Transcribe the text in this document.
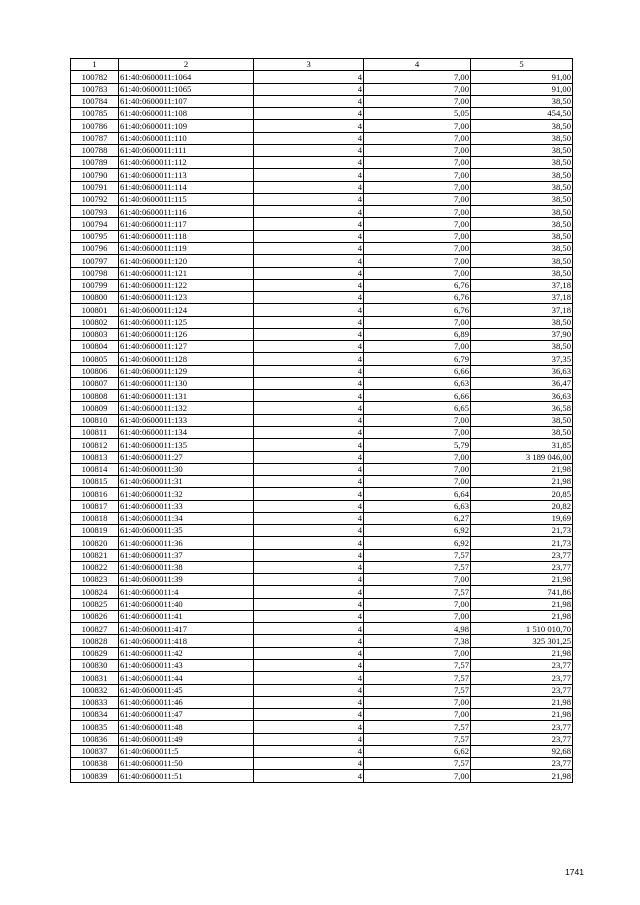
1	2	3	4	5
100782	61:40:0600011:1064	4	7,00	91,00
100783	61:40:0600011:1065	4	7,00	91,00
100784	61:40:0600011:107	4	7,00	38,50
100785	61:40:0600011:108	4	5,05	454,50
100786	61:40:0600011:109	4	7,00	38,50
100787	61:40:0600011:110	4	7,00	38,50
100788	61:40:0600011:111	4	7,00	38,50
100789	61:40:0600011:112	4	7,00	38,50
100790	61:40:0600011:113	4	7,00	38,50
100791	61:40:0600011:114	4	7,00	38,50
100792	61:40:0600011:115	4	7,00	38,50
100793	61:40:0600011:116	4	7,00	38,50
100794	61:40:0600011:117	4	7,00	38,50
100795	61:40:0600011:118	4	7,00	38,50
100796	61:40:0600011:119	4	7,00	38,50
100797	61:40:0600011:120	4	7,00	38,50
100798	61:40:0600011:121	4	7,00	38,50
100799	61:40:0600011:122	4	6,76	37,18
100800	61:40:0600011:123	4	6,76	37,18
100801	61:40:0600011:124	4	6,76	37,18
100802	61:40:0600011:125	4	7,00	38,50
100803	61:40:0600011:126	4	6,89	37,90
100804	61:40:0600011:127	4	7,00	38,50
100805	61:40:0600011:128	4	6,79	37,35
100806	61:40:0600011:129	4	6,66	36,63
100807	61:40:0600011:130	4	6,63	36,47
100808	61:40:0600011:131	4	6,66	36,63
100809	61:40:0600011:132	4	6,65	36,58
100810	61:40:0600011:133	4	7,00	38,50
100811	61:40:0600011:134	4	7,00	38,50
100812	61:40:0600011:135	4	5,79	31,85
100813	61:40:0600011:27	4	7,00	3 189 046,00
100814	61:40:0600011:30	4	7,00	21,98
100815	61:40:0600011:31	4	7,00	21,98
100816	61:40:0600011:32	4	6,64	20,85
100817	61:40:0600011:33	4	6,63	20,82
100818	61:40:0600011:34	4	6,27	19,69
100819	61:40:0600011:35	4	6,92	21,73
100820	61:40:0600011:36	4	6,92	21,73
100821	61:40:0600011:37	4	7,57	23,77
100822	61:40:0600011:38	4	7,57	23,77
100823	61:40:0600011:39	4	7,00	21,98
100824	61:40:0600011:4	4	7,57	741,86
100825	61:40:0600011:40	4	7,00	21,98
100826	61:40:0600011:41	4	7,00	21,98
100827	61:40:0600011:417	4	4,98	1 510 010,70
100828	61:40:0600011:418	4	7,38	325 301,25
100829	61:40:0600011:42	4	7,00	21,98
100830	61:40:0600011:43	4	7,57	23,77
100831	61:40:0600011:44	4	7,57	23,77
100832	61:40:0600011:45	4	7,57	23,77
100833	61:40:0600011:46	4	7,00	21,98
100834	61:40:0600011:47	4	7,00	21,98
100835	61:40:0600011:48	4	7,57	23,77
100836	61:40:0600011:49	4	7,57	23,77
100837	61:40:0600011:5	4	6,62	92,68
100838	61:40:0600011:50	4	7,57	23,77
100839	61:40:0600011:51	4	7,00	21,98
1741
